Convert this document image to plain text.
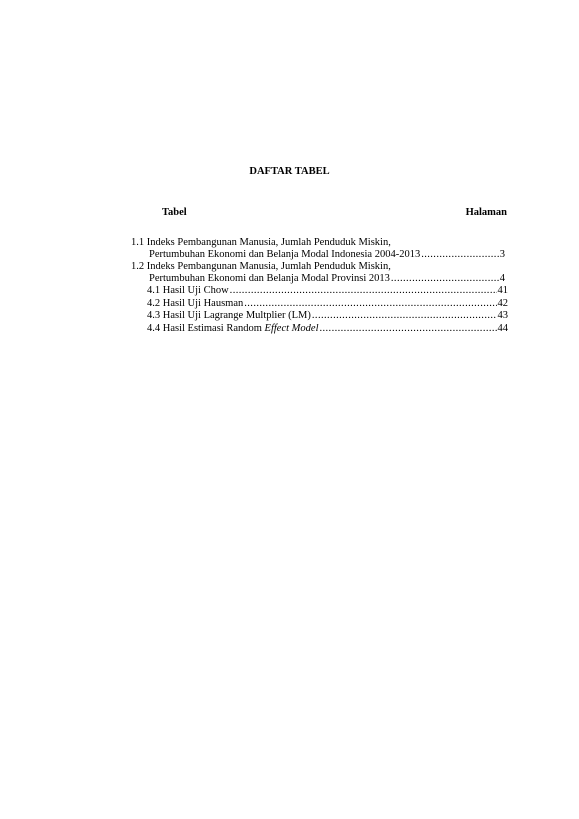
DAFTAR TABEL
Tabel	Halaman
1.1 Indeks Pembangunan Manusia, Jumlah Penduduk Miskin,
Pertumbuhan Ekonomi dan Belanja Modal Indonesia 2004-2013 .....	3
1.2 Indeks Pembangunan Manusia, Jumlah Penduduk Miskin,
Pertumbuhan Ekonomi dan Belanja Modal Provinsi 2013 .....	4
4.1 Hasil Uji Chow .....	41
4.2 Hasil Uji Hausman .....	42
4.3 Hasil Uji Lagrange Multplier (LM) .....	43
4.4 Hasil Estimasi Random Effect Model .....	44
